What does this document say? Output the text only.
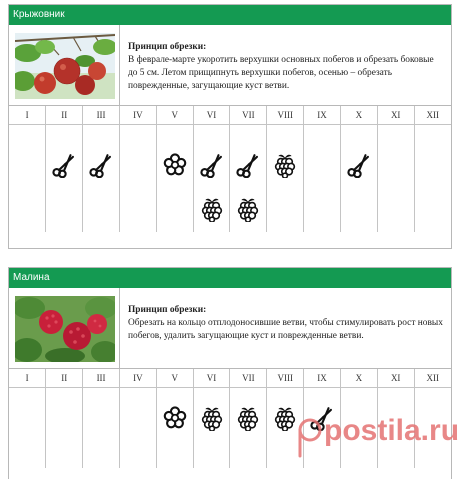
Крыжовник
Принцип обрезки:
В феврале-марте укоротить верхушки основных побегов и обрезать боковые до 5 см. Летом прищипнуть верхушки побегов, осенью – обрезать поврежденные, загущающие куст ветви.
I	II	III	IV	V	VI	VII	VIII	IX	X	XI	XII

Малина
Принцип обрезки:
Обрезать на кольцо отплодоносившие ветви, чтобы стимулировать рост новых побегов, удалить загущающие куст и поврежденные ветви.
I	II	III	IV	V	VI	VII	VIII	IX	X	XI	XII

postila.ru
